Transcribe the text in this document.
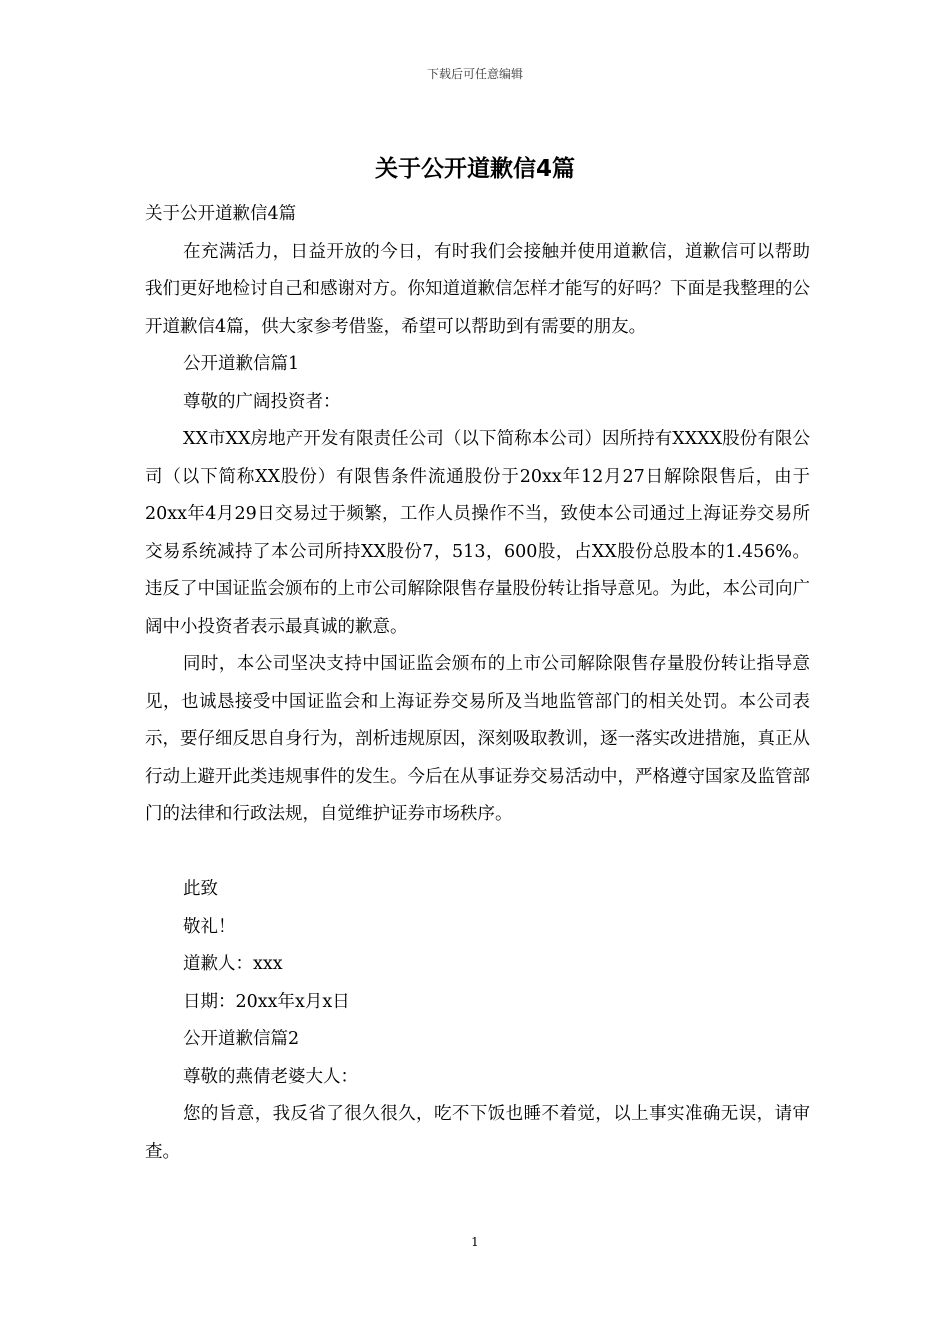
下载后可任意编辑
关于公开道歉信4篇

关于公开道歉信4篇

在充满活力，日益开放的今日，有时我们会接触并使用道歉信，道歉信可以帮助我们更好地检讨自己和感谢对方。你知道道歉信怎样才能写的好吗？下面是我整理的公开道歉信4篇，供大家参考借鉴，希望可以帮助到有需要的朋友。

公开道歉信篇1

尊敬的广阔投资者：

XX市XX房地产开发有限责任公司（以下简称本公司）因所持有XXXX股份有限公司（以下简称XX股份）有限售条件流通股份于20xx年12月27日解除限售后，由于20xx年4月29日交易过于频繁，工作人员操作不当，致使本公司通过上海证券交易所交易系统减持了本公司所持XX股份7，513，600股，占XX股份总股本的1.456%。违反了中国证监会颁布的上市公司解除限售存量股份转让指导意见。为此，本公司向广阔中小投资者表示最真诚的歉意。

同时，本公司坚决支持中国证监会颁布的上市公司解除限售存量股份转让指导意见，也诚恳接受中国证监会和上海证券交易所及当地监管部门的相关处罚。本公司表示，要仔细反思自身行为，剖析违规原因，深刻吸取教训，逐一落实改进措施，真正从行动上避开此类违规事件的发生。今后在从事证券交易活动中，严格遵守国家及监管部门的法律和行政法规，自觉维护证券市场秩序。

此致

敬礼！

道歉人：xxx

日期：20xx年x月x日

公开道歉信篇2

尊敬的燕倩老婆大人：

您的旨意，我反省了很久很久，吃不下饭也睡不着觉，以上事实准确无误，请审查。

1
